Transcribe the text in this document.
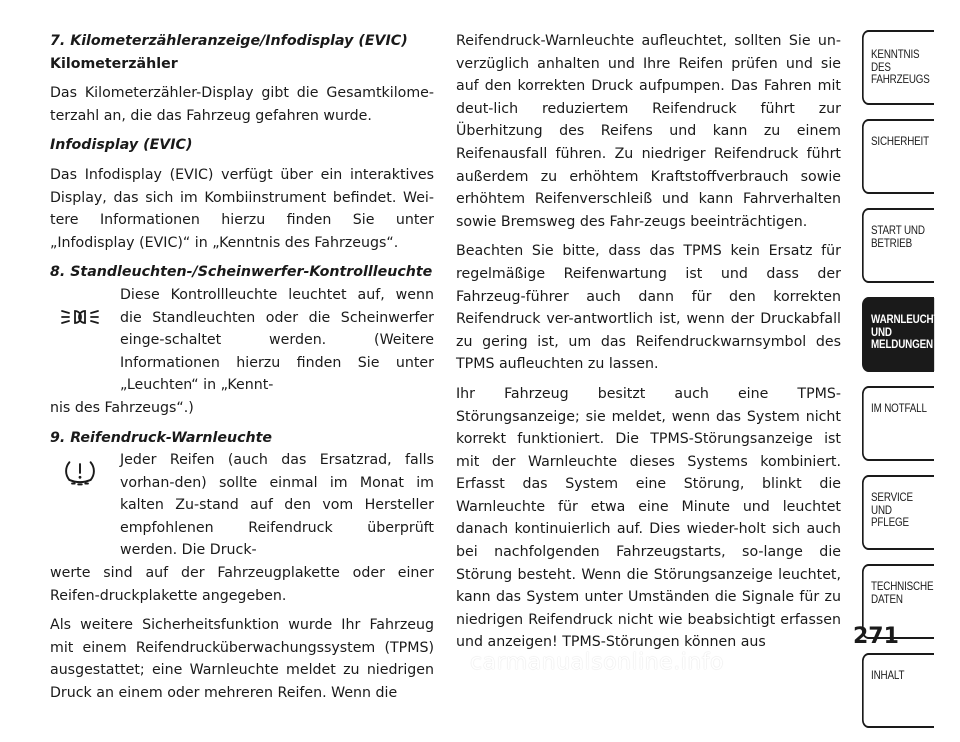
7. Kilometerzähleranzeige/Infodisplay (EVIC)

Kilometerzähler

Das Kilometerzähler-Display gibt die Gesamtkilome-terzahl an, die das Fahrzeug gefahren wurde.

Infodisplay (EVIC)

Das Infodisplay (EVIC) verfügt über ein interaktives Display, das sich im Kombiinstrument befindet. Wei-tere Informationen hierzu finden Sie unter „Infodisplay (EVIC)“ in „Kenntnis des Fahrzeugs“.

8. Standleuchten-/Scheinwerfer-Kontrollleuchte

Diese Kontrollleuchte leuchtet auf, wenn die Standleuchten oder die Scheinwerfer einge-schaltet werden. (Weitere Informationen hierzu finden Sie unter „Leuchten“ in „Kennt-
nis des Fahrzeugs“.)

9. Reifendruck-Warnleuchte

Jeder Reifen (auch das Ersatzrad, falls vorhan-den) sollte einmal im Monat im kalten Zu-stand auf den vom Hersteller empfohlenen Reifendruck überprüft werden. Die Druck-
werte sind auf der Fahrzeugplakette oder einer Reifen-druckplakette angegeben.

Als weitere Sicherheitsfunktion wurde Ihr Fahrzeug mit einem Reifendrucküberwachungssystem (TPMS) ausgestattet; eine Warnleuchte meldet zu niedrigen Druck an einem oder mehreren Reifen. Wenn die

Reifendruck-Warnleuchte aufleuchtet, sollten Sie un-verzüglich anhalten und Ihre Reifen prüfen und sie auf den korrekten Druck aufpumpen. Das Fahren mit deut-lich reduziertem Reifendruck führt zur Überhitzung des Reifens und kann zu einem Reifenausfall führen. Zu niedriger Reifendruck führt außerdem zu erhöhtem Kraftstoffverbrauch sowie erhöhtem Reifenverschleiß und kann Fahrverhalten sowie Bremsweg des Fahr-zeugs beeinträchtigen.

Beachten Sie bitte, dass das TPMS kein Ersatz für regelmäßige Reifenwartung ist und dass der Fahrzeug-führer auch dann für den korrekten Reifendruck ver-antwortlich ist, wenn der Druckabfall zu gering ist, um das Reifendruckwarnsymbol des TPMS aufleuchten zu lassen.

Ihr Fahrzeug besitzt auch eine TPMS-Störungsanzeige; sie meldet, wenn das System nicht korrekt funktioniert. Die TPMS-Störungsanzeige ist mit der Warnleuchte dieses Systems kombiniert. Erfasst das System eine Störung, blinkt die Warnleuchte für etwa eine Minute und leuchtet danach kontinuierlich auf. Dies wieder-holt sich auch bei nachfolgenden Fahrzeugstarts, so-lange die Störung besteht. Wenn die Störungsanzeige leuchtet, kann das System unter Umständen die Signale für zu niedrigen Reifendruck nicht wie beabsichtigt erfassen und anzeigen! TPMS-Störungen können aus

KENNTNIS
DES
FAHRZEUGS
SICHERHEIT
START UND
BETRIEB
WARNLEUCHTEN
UND
MELDUNGEN
IM NOTFALL
SERVICE
UND
PFLEGE
TECHNISCHE
DATEN
INHALT
271
carmanualsonline.info
